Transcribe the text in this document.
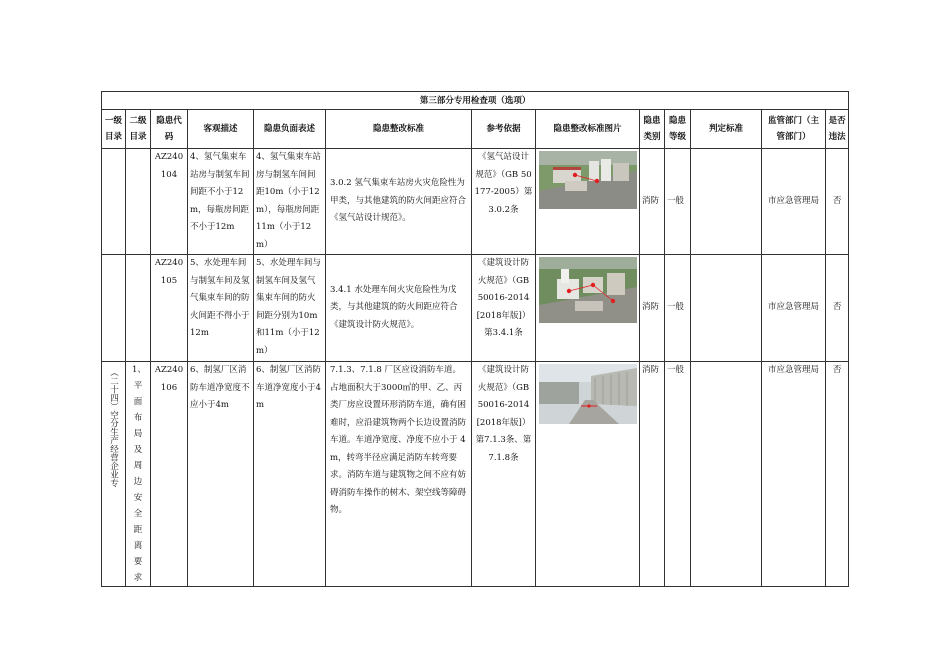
第三部分专用检查项（选项）												
一级目录	二级目录	隐患代码	客观描述	隐患负面表述	隐患整改标准	参考依据	隐患整改标准图片	隐患类别	隐患等级	判定标准	监管部门（主管部门）	是否违法
		AZ240104	4、氢气集束车站房与制氢车间间距不小于12m，每瓶房间距不小于12m	4、氢气集束车站房与制氢车间间距10m（小于12m），每瓶房间距11m（小于12m）	3.0.2 氢气集束车站房火灾危险性为甲类，与其他建筑的防火间距应符合《氢气站设计规范》。	《氢气站设计规范》（GB 50177-2005）第3.0.2条		消防	一般		市应急管理局	否
		AZ240105	5、水处理车间与制氢车间及氢气集束车间的防火间距不得小于12m	5、水处理车间与制氢车间及氢气集束车间的防火间距分别为10m和11m（小于12m）	3.4.1 水处理车间火灾危险性为戊类，与其他建筑的防火间距应符合《建筑设计防火规范》。	《建筑设计防火规范》（GB 50016-2014[2018年版]）第3.4.1条		消防	一般		市应急管理局	否

（二十四）空分生产经营企业专	1、平面布局及周边安全距离要求	AZ240106	6、制氢厂区消防车道净宽度不应小于4m	6、制氢厂区消防车道净宽度小于4m	7.1.3、7.1.8 厂区应设消防车道。占地面积大于3000㎡的甲、乙、丙类厂房应设置环形消防车道，确有困难时，应沿建筑物两个长边设置消防车道。车道净宽度、净度不应小于 4m，转弯半径应满足消防车转弯要求。消防车道与建筑物之间不应有妨碍消防车操作的树木、架空线等障碍物。	《建筑设计防火规范》（GB 50016-2014[2018年版]）第7.1.3条、第7.1.8条		消防	一般		市应急管理局	否
